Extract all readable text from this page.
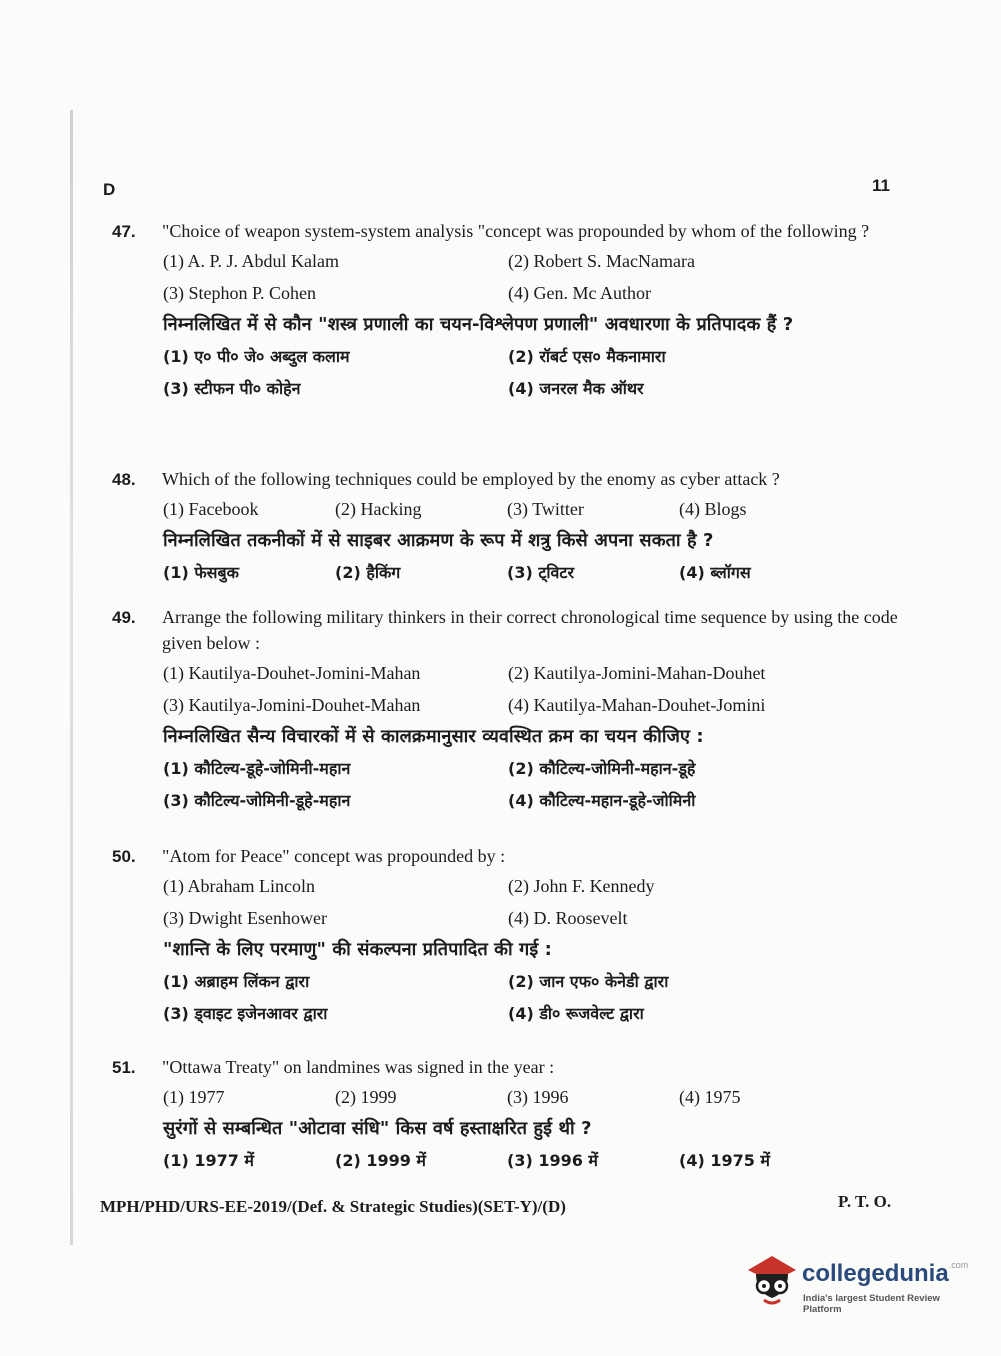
D	11
47.	"Choice of weapon system-system analysis "concept was propounded by whom of the following ?
(1) A. P. J. Abdul Kalam	(2) Robert S. MacNamara
(3) Stephon P. Cohen	(4) Gen. Mc Author
निम्नलिखित में से कौन "शस्त्र प्रणाली का चयन-विश्लेपण प्रणाली" अवधारणा के प्रतिपादक हैं ?
(1) ए० पी० जे० अब्दुल कलाम	(2) रॉबर्ट एस० मैकनामारा
(3) स्टीफन पी० कोहेन	(4) जनरल मैक ऑथर
48.	Which of the following techniques could be employed by the enomy as cyber attack ?
(1) Facebook	(2) Hacking	(3) Twitter	(4) Blogs
निम्नलिखित तकनीकों में से साइबर आक्रमण के रूप में शत्रु किसे अपना सकता है ?
(1) फेसबुक	(2) हैकिंग	(3) ट्विटर	(4) ब्लॉगस
49.	Arrange the following military thinkers in their correct chronological time sequence by using the code given below :
(1) Kautilya-Douhet-Jomini-Mahan	(2) Kautilya-Jomini-Mahan-Douhet
(3) Kautilya-Jomini-Douhet-Mahan	(4) Kautilya-Mahan-Douhet-Jomini
निम्नलिखित सैन्य विचारकों में से कालक्रमानुसार व्यवस्थित क्रम का चयन कीजिए :
(1) कौटिल्य-डूहे-जोमिनी-महान	(2) कौटिल्य-जोमिनी-महान-डूहे
(3) कौटिल्य-जोमिनी-डूहे-महान	(4) कौटिल्य-महान-डूहे-जोमिनी
50.	"Atom for Peace" concept was propounded by :
(1) Abraham Lincoln	(2) John F. Kennedy
(3) Dwight Esenhower	(4) D. Roosevelt
"शान्ति के लिए परमाणु" की संकल्पना प्रतिपादित की गई :
(1) अब्राहम लिंकन द्वारा	(2) जान एफ० केनेडी द्वारा
(3) ड्वाइट इजेनआवर द्वारा	(4) डी० रूजवेल्ट द्वारा
51.	"Ottawa Treaty" on landmines was signed in the year :
(1) 1977	(2) 1999	(3) 1996	(4) 1975
सुरंगों से सम्बन्धित "ओटावा संधि" किस वर्ष हस्ताक्षरित हुई थी ?
(1) 1977 में	(2) 1999 में	(3) 1996 में	(4) 1975 में
MPH/PHD/URS-EE-2019/(Def. & Strategic Studies)(SET-Y)/(D)	P. T. O.
collegedunia$^{.com}$
India's largest Student Review Platform
